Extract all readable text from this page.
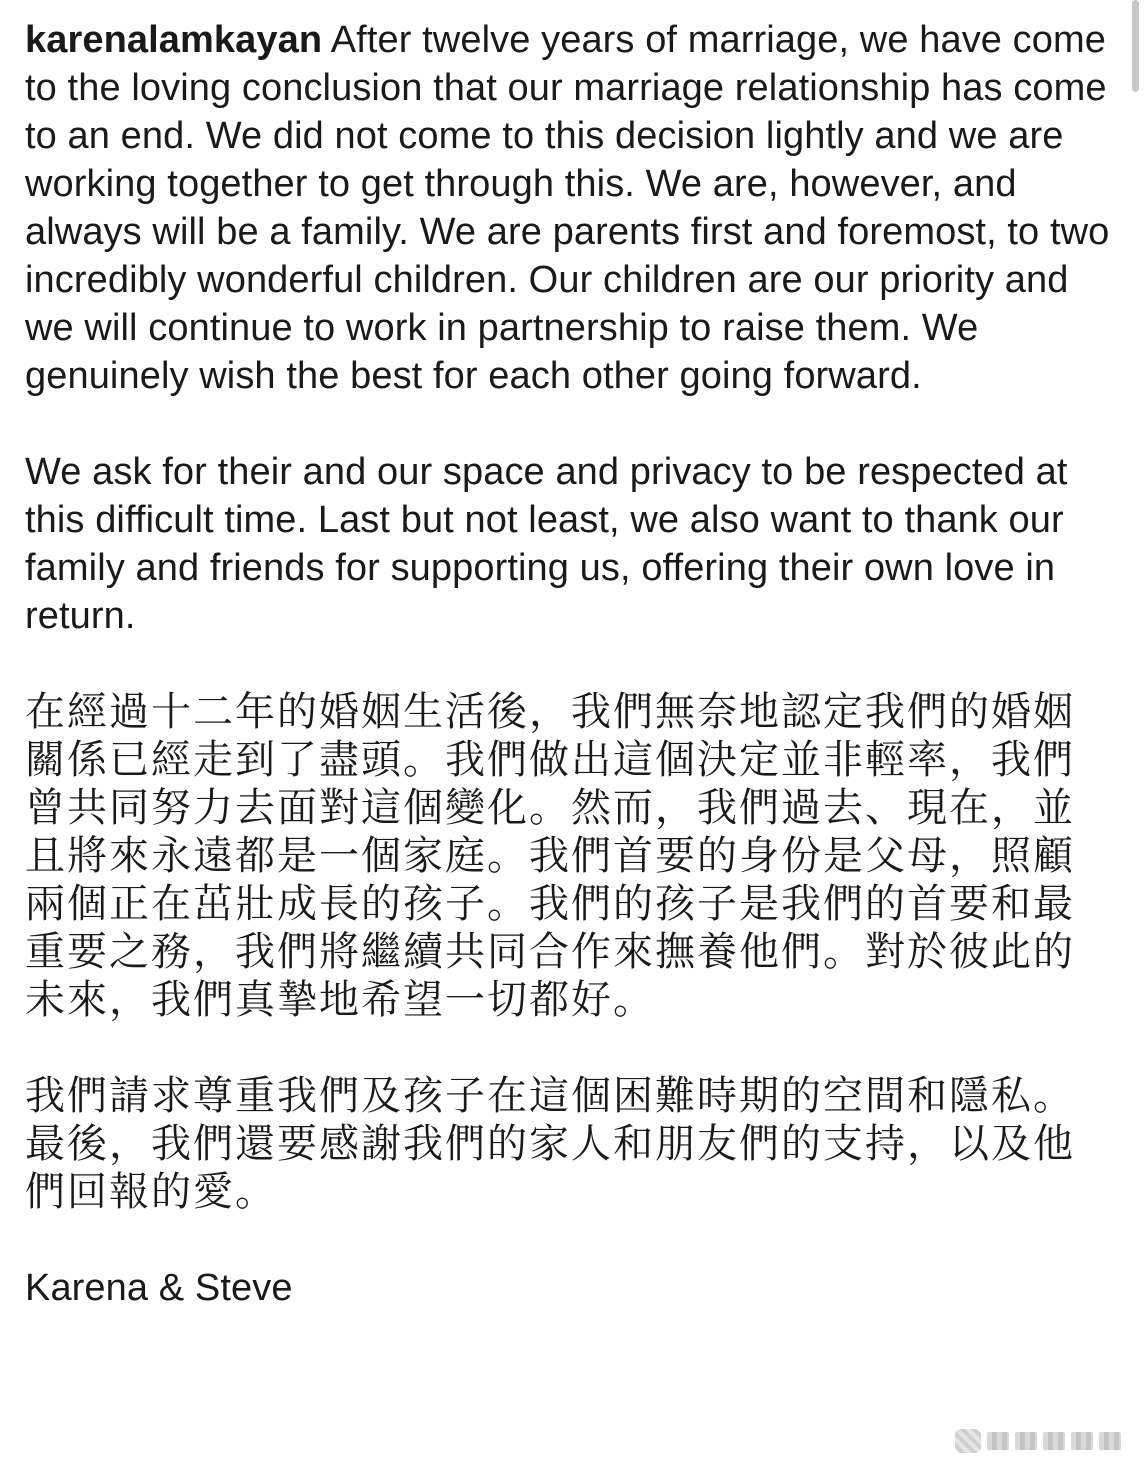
karenalamkayan After twelve years of marriage, we have come to the loving conclusion that our marriage relationship has come to an end. We did not come to this decision lightly and we are working together to get through this. We are, however, and always will be a family. We are parents first and foremost, to two incredibly wonderful children. Our children are our priority and we will continue to work in partnership to raise them. We genuinely wish the best for each other going forward.

We ask for their and our space and privacy to be respected at this difficult time. Last but not least, we also want to thank our family and friends for supporting us, offering their own love in return.

在經過十二年的婚姻生活後，我們無奈地認定我們的婚姻關係已經走到了盡頭。我們做出這個決定並非輕率，我們曾共同努力去面對這個變化。然而，我們過去、現在，並且將來永遠都是一個家庭。我們首要的身份是父母，照顧兩個正在茁壯成長的孩子。我們的孩子是我們的首要和最重要之務，我們將繼續共同合作來撫養他們。對於彼此的未來，我們真摯地希望一切都好。

我們請求尊重我們及孩子在這個困難時期的空間和隱私。最後，我們還要感謝我們的家人和朋友們的支持，以及他們回報的愛。

Karena & Steve
